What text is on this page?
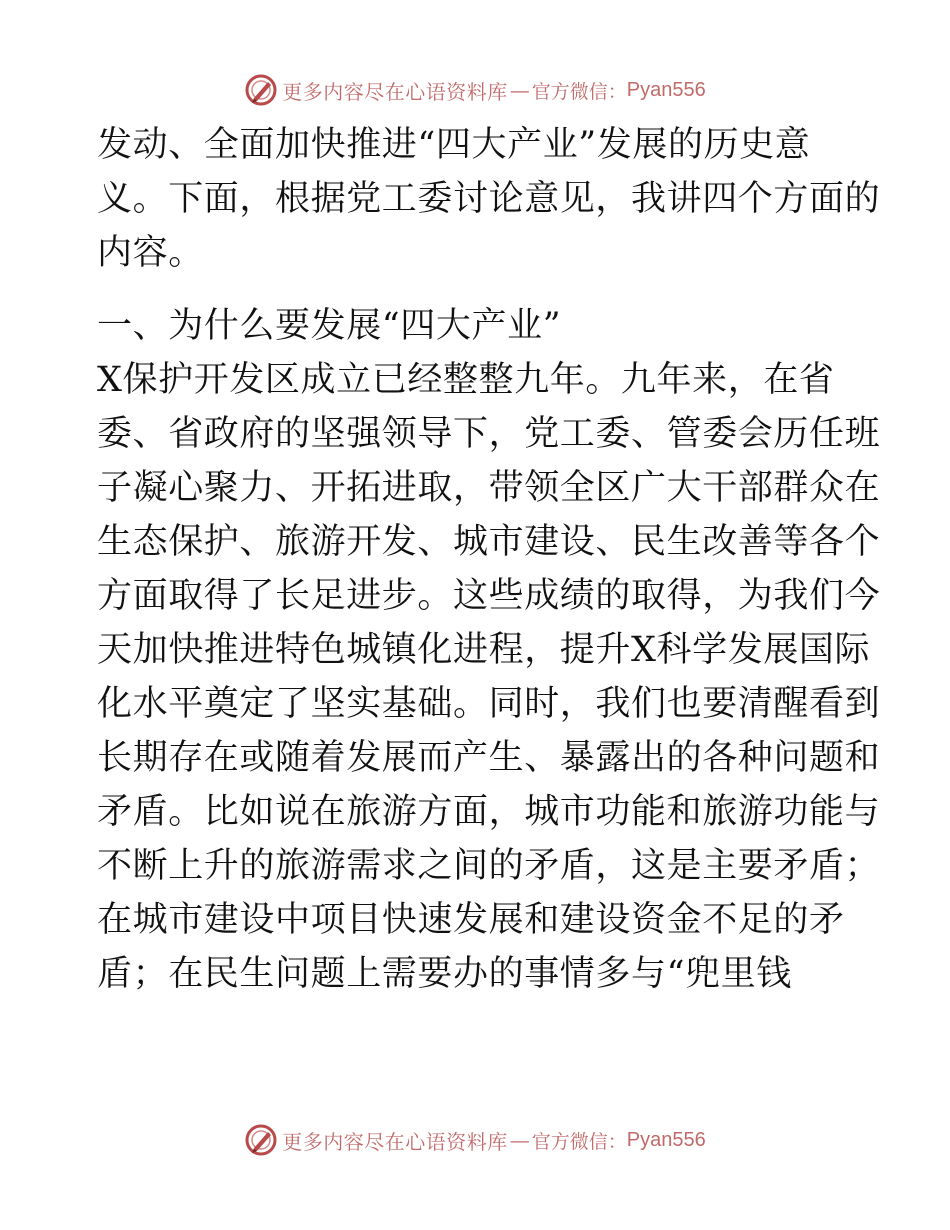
更多内容尽在心语资料库 — 官方微信： Pyan556
发动、全面加快推进“四大产业”发展的历史意
义。下面，根据党工委讨论意见，我讲四个方面的
内容。
一、为什么要发展“四大产业”
X保护开发区成立已经整整九年。九年来，在省
委、省政府的坚强领导下，党工委、管委会历任班
子凝心聚力、开拓进取，带领全区广大干部群众在
生态保护、旅游开发、城市建设、民生改善等各个
方面取得了长足进步。这些成绩的取得，为我们今
天加快推进特色城镇化进程，提升X科学发展国际
化水平奠定了坚实基础。同时，我们也要清醒看到
长期存在或随着发展而产生、暴露出的各种问题和
矛盾。比如说在旅游方面，城市功能和旅游功能与
不断上升的旅游需求之间的矛盾，这是主要矛盾；
在城市建设中项目快速发展和建设资金不足的矛
盾；在民生问题上需要办的事情多与“兜里钱
更多内容尽在心语资料库 — 官方微信： Pyan556
